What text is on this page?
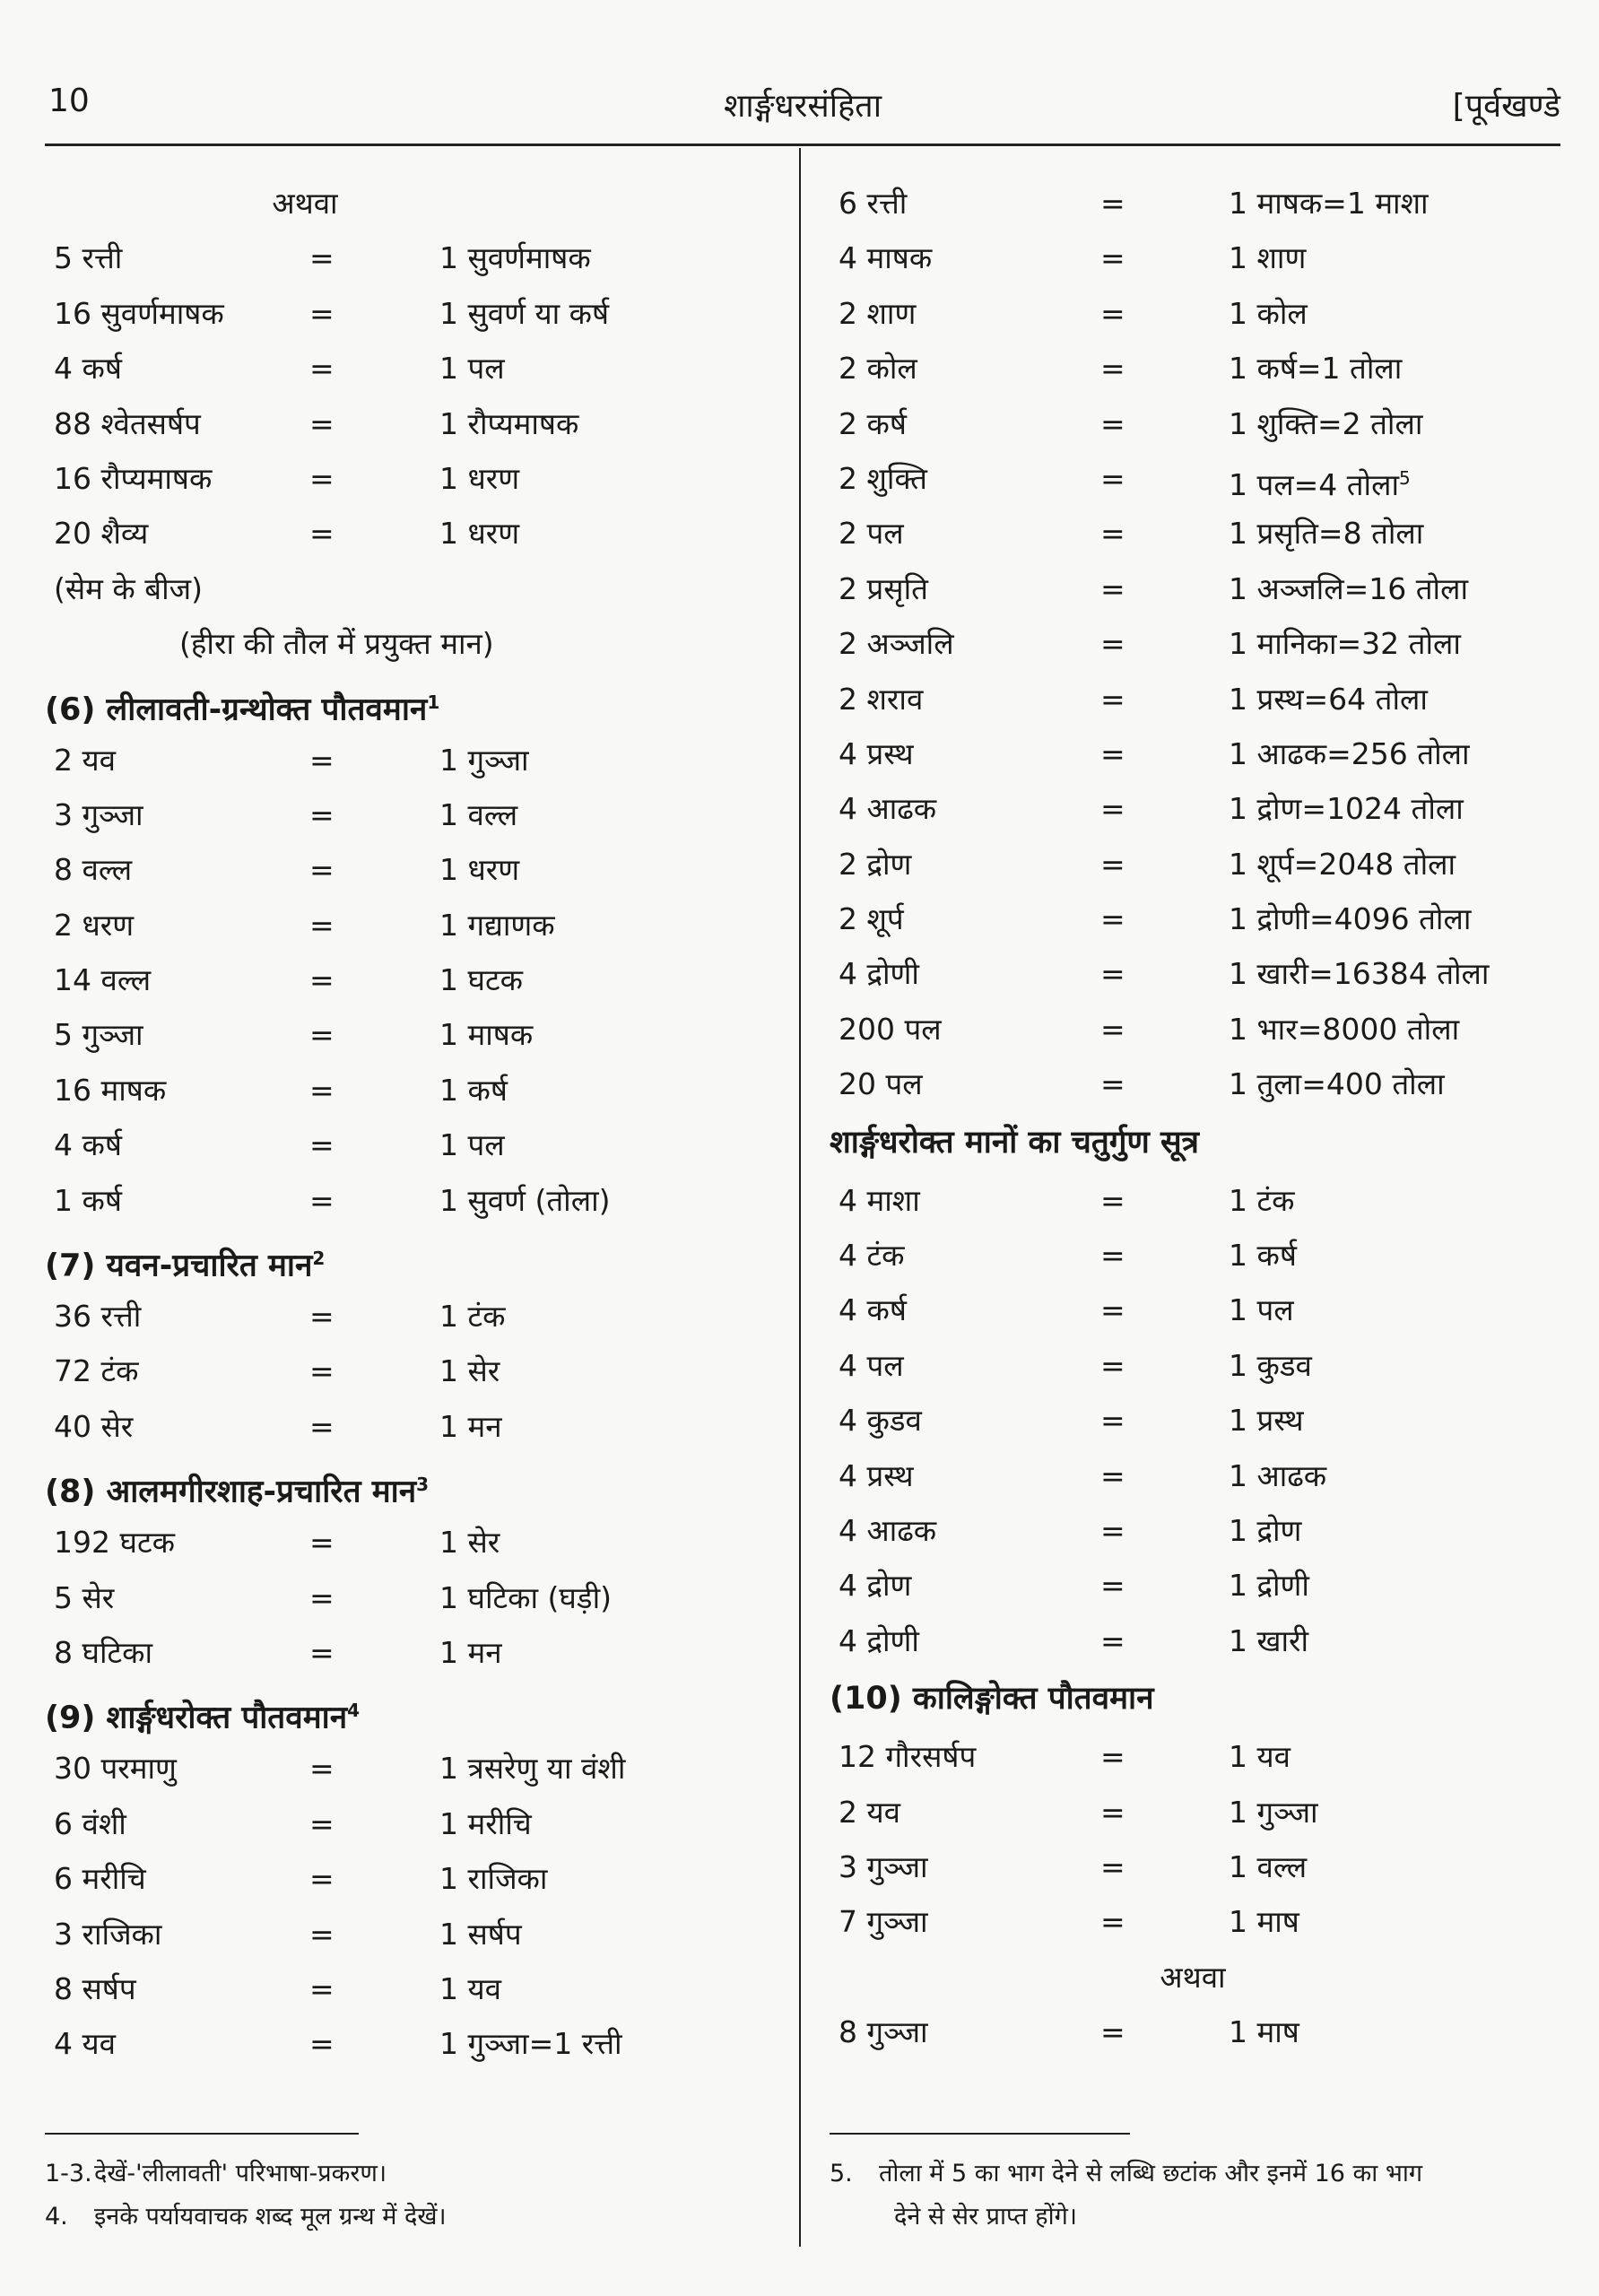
10	शार्ङ्गधरसंहिता	[पूर्वखण्डे
अथवा
5 रत्ती	=	1 सुवर्णमाषक
16 सुवर्णमाषक	=	1 सुवर्ण या कर्ष
4 कर्ष	=	1 पल
88 श्वेतसर्षप	=	1 रौप्यमाषक
16 रौप्यमाषक	=	1 धरण
20 शैव्य	=	1 धरण
(सेम के बीज)
(हीरा की तौल में प्रयुक्त मान)
(6) लीलावती-ग्रन्थोक्त पौतवमान$^1$
2 यव	=	1 गुञ्जा
3 गुञ्जा	=	1 वल्ल
8 वल्ल	=	1 धरण
2 धरण	=	1 गद्याणक
14 वल्ल	=	1 घटक
5 गुञ्जा	=	1 माषक
16 माषक	=	1 कर्ष
4 कर्ष	=	1 पल
1 कर्ष	=	1 सुवर्ण (तोला)
(7) यवन-प्रचारित मान$^2$
36 रत्ती	=	1 टंक
72 टंक	=	1 सेर
40 सेर	=	1 मन
(8) आलमगीरशाह-प्रचारित मान$^3$
192 घटक	=	1 सेर
5 सेर	=	1 घटिका (घड़ी)
8 घटिका	=	1 मन
(9) शार्ङ्गधरोक्त पौतवमान$^4$
30 परमाणु	=	1 त्रसरेणु या वंशी
6 वंशी	=	1 मरीचि
6 मरीचि	=	1 राजिका
3 राजिका	=	1 सर्षप
8 सर्षप	=	1 यव
4 यव	=	1 गुञ्जा=1 रत्ती
6 रत्ती	=	1 माषक=1 माशा
4 माषक	=	1 शाण
2 शाण	=	1 कोल
2 कोल	=	1 कर्ष=1 तोला
2 कर्ष	=	1 शुक्ति=2 तोला
2 शुक्ति	=	1 पल=4 तोला$^5$
2 पल	=	1 प्रसृति=8 तोला
2 प्रसृति	=	1 अञ्जलि=16 तोला
2 अञ्जलि	=	1 मानिका=32 तोला
2 शराव	=	1 प्रस्थ=64 तोला
4 प्रस्थ	=	1 आढक=256 तोला
4 आढक	=	1 द्रोण=1024 तोला
2 द्रोण	=	1 शूर्प=2048 तोला
2 शूर्प	=	1 द्रोणी=4096 तोला
4 द्रोणी	=	1 खारी=16384 तोला
200 पल	=	1 भार=8000 तोला
20 पल	=	1 तुला=400 तोला
शार्ङ्गधरोक्त मानों का चतुर्गुण सूत्र
4 माशा	=	1 टंक
4 टंक	=	1 कर्ष
4 कर्ष	=	1 पल
4 पल	=	1 कुडव
4 कुडव	=	1 प्रस्थ
4 प्रस्थ	=	1 आढक
4 आढक	=	1 द्रोण
4 द्रोण	=	1 द्रोणी
4 द्रोणी	=	1 खारी
(10) कालिङ्गोक्त पौतवमान
12 गौरसर्षप	=	1 यव
2 यव	=	1 गुञ्जा
3 गुञ्जा	=	1 वल्ल
7 गुञ्जा	=	1 माष
अथवा
8 गुञ्जा	=	1 माष
1-3.देखें-'लीलावती' परिभाषा-प्रकरण।
4. इनके पर्यायवाचक शब्द मूल ग्रन्थ में देखें।
5. तोला में 5 का भाग देने से लब्धि छटांक और इनमें 16 का भाग
देने से सेर प्राप्त होंगे।
